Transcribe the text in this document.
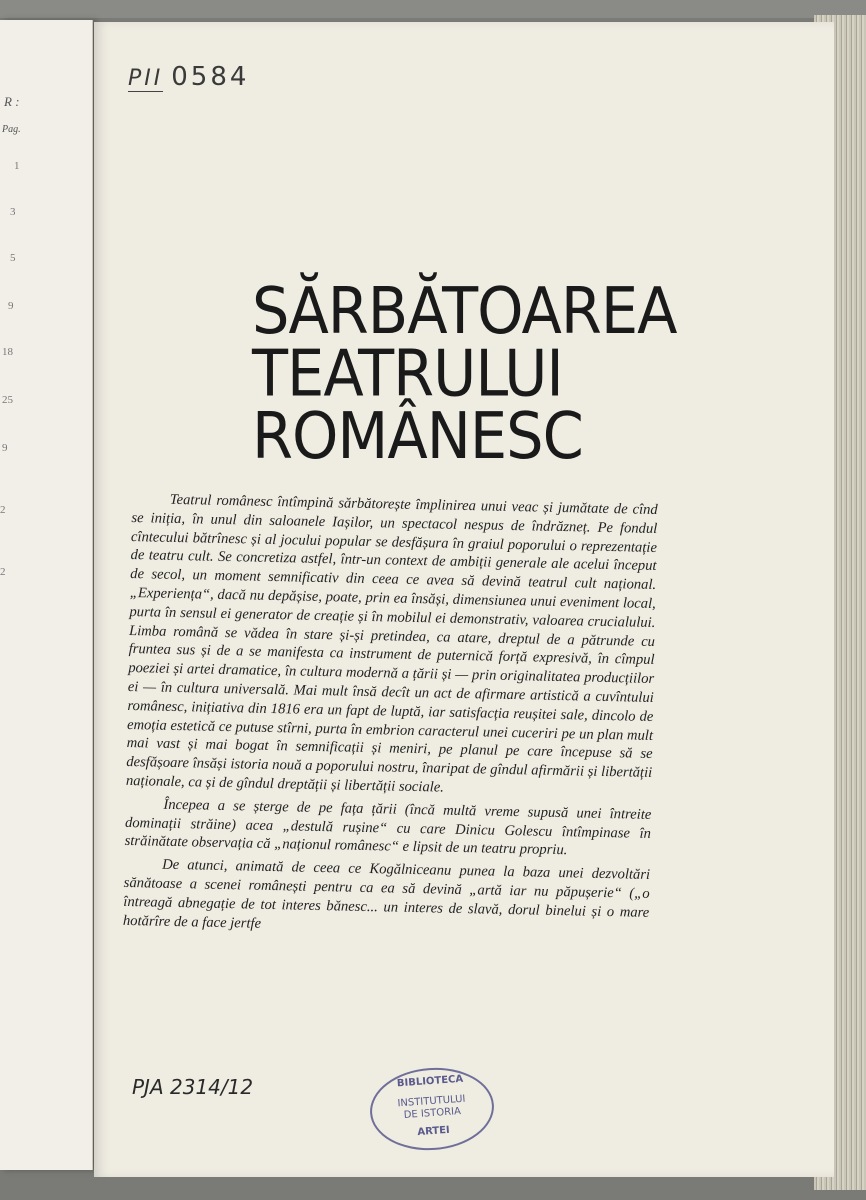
R :
Pag.
1
3
5
9
18
25
9
2
2
PII 0584
SĂRBĂTOAREA
TEATRULUI
ROMÂNESC

Teatrul românesc întîmpină sărbătorește împlinirea unui veac și jumătate de cînd se iniția, în unul din saloanele Iașilor, un spectacol nespus de îndrăzneț. Pe fondul cîntecului bătrînesc și al jocului popular se desfășura în graiul poporului o reprezentație de teatru cult. Se concretiza astfel, într-un context de ambiții generale ale acelui început de secol, un moment semnificativ din ceea ce avea să devină teatrul cult național. „Experiența“, dacă nu depășise, poate, prin ea însăși, dimensiunea unui eveniment local, purta în sensul ei generator de creație și în mobilul ei demonstrativ, valoarea crucialului. Limba română se vădea în stare și-și pretindea, ca atare, dreptul de a pătrunde cu fruntea sus și de a se manifesta ca instrument de puternică forță expresivă, în cîmpul poeziei și artei dramatice, în cultura modernă a țării și — prin originalitatea producțiilor ei — în cultura universală. Mai mult însă decît un act de afirmare artistică a cuvîntului românesc, inițiativa din 1816 era un fapt de luptă, iar satisfacția reușitei sale, dincolo de emoția estetică ce putuse stîrni, purta în embrion caracterul unei cuceriri pe un plan mult mai vast și mai bogat în semnificații și meniri, pe planul pe care începuse să se desfășoare însăși istoria nouă a poporului nostru, înaripat de gîndul afirmării și libertății naționale, ca și de gîndul dreptății și libertății sociale.

Începea a se șterge de pe fața țării (încă multă vreme supusă unei întreite dominații străine) acea „destulă rușine“ cu care Dinicu Golescu întîmpinase în străinătate observația că „naționul românesc“ e lipsit de un teatru propriu.

De atunci, animată de ceea ce Kogălniceanu punea la baza unei dezvoltări sănătoase a scenei românești pentru ca ea să devină „artă iar nu păpușerie“ („o întreagă abnegație de tot interes bănesc... un interes de slavă, dorul binelui și o mare hotărîre de a face jertfe

PJA 2314/12	BIBLIOTECA
INSTITUTULUI
DE ISTORIA
ARTEI
